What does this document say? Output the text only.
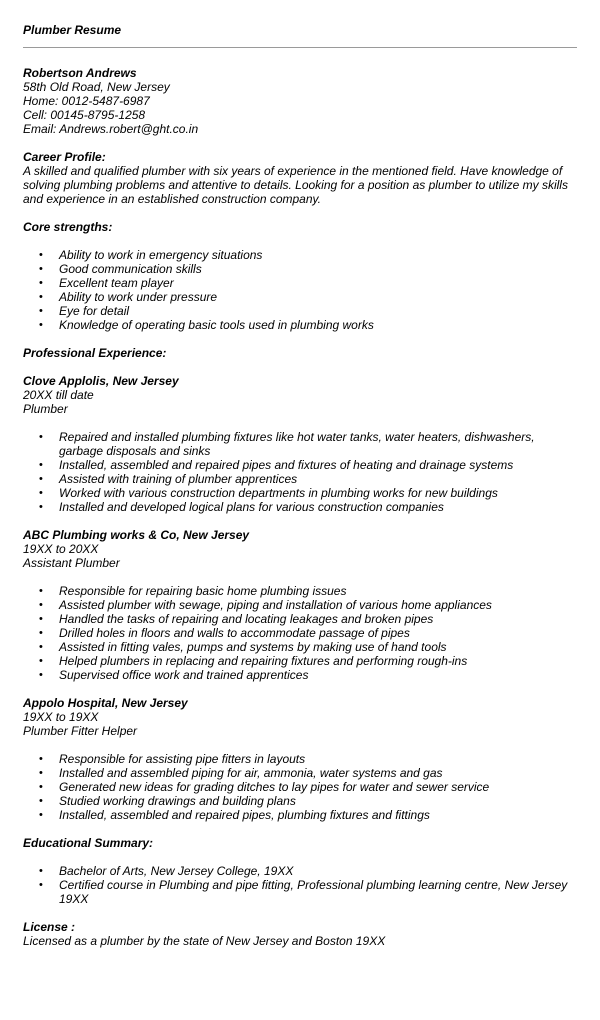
Plumber Resume
Robertson Andrews
58th Old Road, New Jersey
Home: 0012-5487-6987
Cell: 00145-8795-1258
Email: Andrews.robert@ght.co.in
Career Profile:
A skilled and qualified plumber with six years of experience in the mentioned field. Have knowledge of solving plumbing problems and attentive to details. Looking for a position as plumber to utilize my skills and experience in an established construction company.
Core strengths:
• Ability to work in emergency situations
• Good communication skills
• Excellent team player
• Ability to work under pressure
• Eye for detail
• Knowledge of operating basic tools used in plumbing works
Professional Experience:
Clove Applolis, New Jersey
20XX till date
Plumber
• Repaired and installed plumbing fixtures like hot water tanks, water heaters, dishwashers, garbage disposals and sinks
• Installed, assembled and repaired pipes and fixtures of heating and drainage systems
• Assisted with training of plumber apprentices
• Worked with various construction departments in plumbing works for new buildings
• Installed and developed logical plans for various construction companies
ABC Plumbing works & Co, New Jersey
19XX to 20XX
Assistant Plumber
• Responsible for repairing basic home plumbing issues
• Assisted plumber with sewage, piping and installation of various home appliances
• Handled the tasks of repairing and locating leakages and broken pipes
• Drilled holes in floors and walls to accommodate passage of pipes
• Assisted in fitting vales, pumps and systems by making use of hand tools
• Helped plumbers in replacing and repairing fixtures and performing rough-ins
• Supervised office work and trained apprentices
Appolo Hospital, New Jersey
19XX to 19XX
Plumber Fitter Helper
• Responsible for assisting pipe fitters in layouts
• Installed and assembled piping for air, ammonia, water systems and gas
• Generated new ideas for grading ditches to lay pipes for water and sewer service
• Studied working drawings and building plans
• Installed, assembled and repaired pipes, plumbing fixtures and fittings
Educational Summary:
• Bachelor of Arts, New Jersey College, 19XX
• Certified course in Plumbing and pipe fitting, Professional plumbing learning centre, New Jersey 19XX
License :
Licensed as a plumber by the state of New Jersey and Boston 19XX
